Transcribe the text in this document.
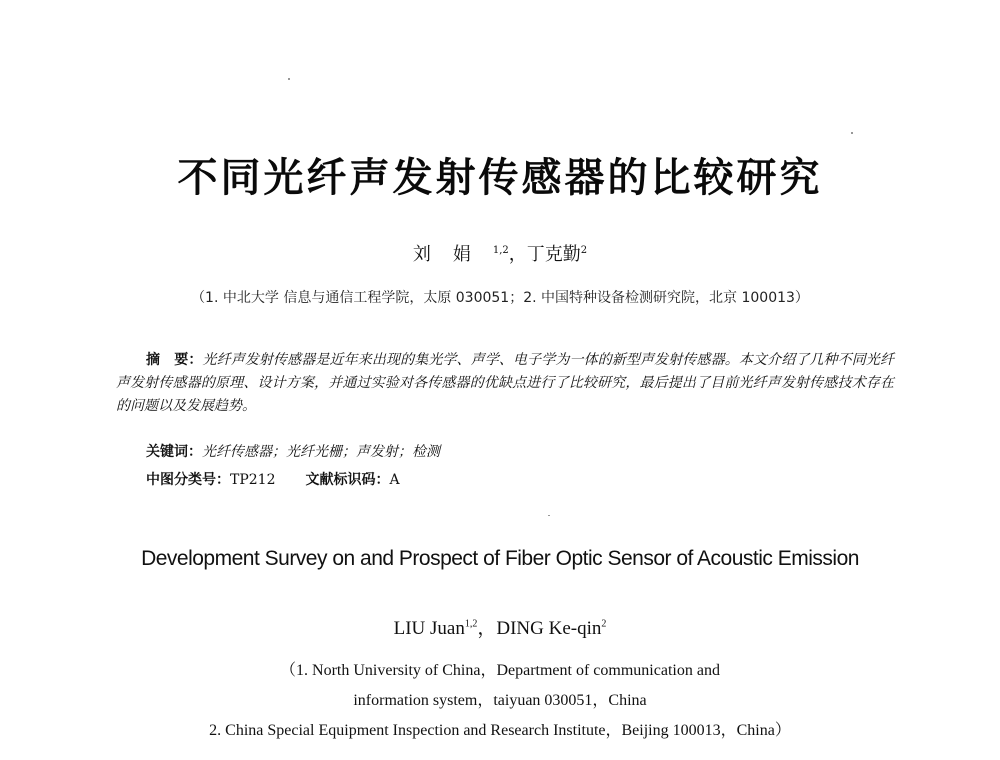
不同光纤声发射传感器的比较研究
刘娟$^{1,2}$，丁克勤$^2$
（1. 中北大学 信息与通信工程学院，太原 030051；2. 中国特种设备检测研究院，北京 100013）

摘　要：光纤声发射传感器是近年来出现的集光学、声学、电子学为一体的新型声发射传感器。本文介绍了几种不同光纤声发射传感器的原理、设计方案，并通过实验对各传感器的优缺点进行了比较研究，最后提出了目前光纤声发射传感技术存在的问题以及发展趋势。

关键词：光纤传感器；光纤光栅；声发射；检测
中图分类号：TP212 文献标识码：A
Development Survey on and Prospect of Fiber Optic Sensor of Acoustic Emission
LIU Juan$^{1,2}$，DING Ke-qin$^2$
（1. North University of China，Department of communication and
information system，taiyuan 030051，China
2. China Special Equipment Inspection and Research Institute，Beijing 100013，China）
